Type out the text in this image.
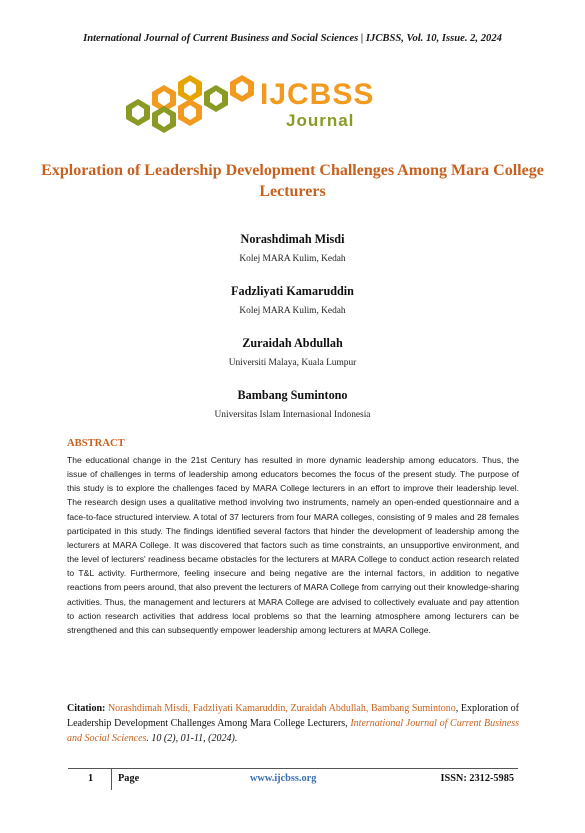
International Journal of Current Business and Social Sciences | IJCBSS, Vol. 10, Issue. 2, 2024
IJCBSS
Journal
Exploration of Leadership Development Challenges Among Mara College Lecturers
Norashdimah Misdi
Kolej MARA Kulim, Kedah
Fadzliyati Kamaruddin
Kolej MARA Kulim, Kedah
Zuraidah Abdullah
Universiti Malaya, Kuala Lumpur
Bambang Sumintono
Universitas Islam Internasional Indonesia
ABSTRACT
The educational change in the 21st Century has resulted in more dynamic leadership among educators. Thus, the issue of challenges in terms of leadership among educators becomes the focus of the present study. The purpose of this study is to explore the challenges faced by MARA College lecturers in an effort to improve their leadership level. The research design uses a qualitative method involving two instruments, namely an open-ended questionnaire and a face-to-face structured interview. A total of 37 lecturers from four MARA colleges, consisting of 9 males and 28 females participated in this study. The findings identified several factors that hinder the development of leadership among the lecturers at MARA College. It was discovered that factors such as time constraints, an unsupportive environment, and the level of lecturers' readiness became obstacles for the lecturers at MARA College to conduct action research related to T&L activity. Furthermore, feeling insecure and being negative are the internal factors, in addition to negative reactions from peers around, that also prevent the lecturers of MARA College from carrying out their knowledge-sharing activities. Thus, the management and lecturers at MARA College are advised to collectively evaluate and pay attention to action research activities that address local problems so that the learning atmosphere among lecturers can be strengthened and this can subsequently empower leadership among lecturers at MARA College.
Citation: Norashdimah Misdi, Fadzliyati Kamaruddin, Zuraidah Abdullah, Bambang Sumintono, Exploration of Leadership Development Challenges Among Mara College Lecturers, International Journal of Current Business and Social Sciences. 10 (2), 01-11, (2024).
1 Page	www.ijcbss.org	ISSN: 2312-5985
